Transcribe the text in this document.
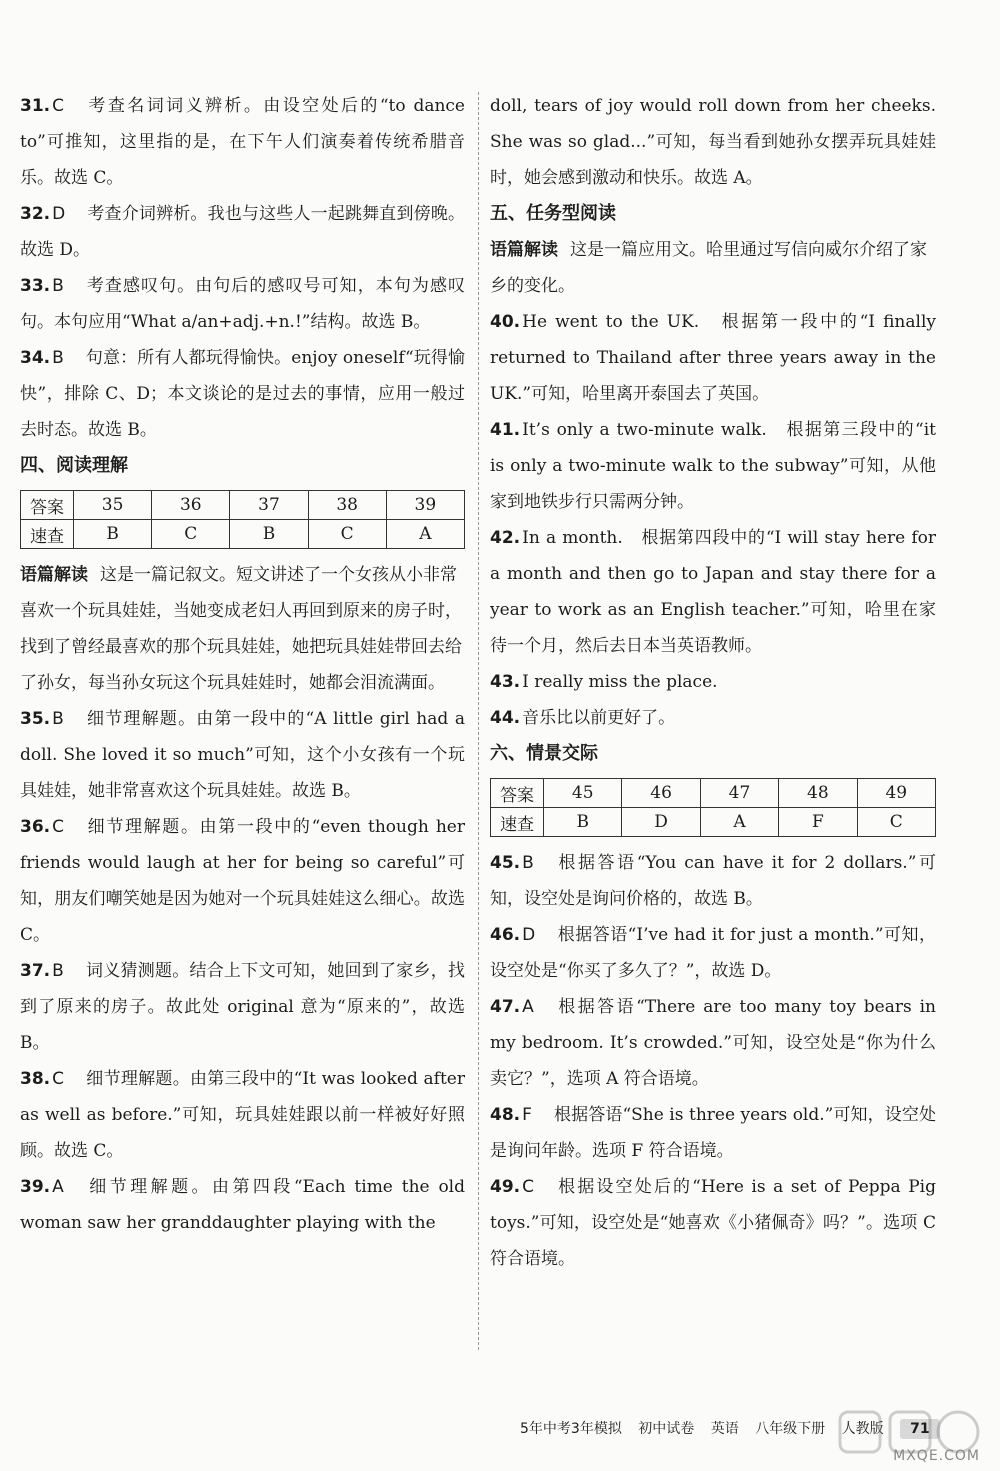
31. C 考查名词词义辨析。由设空处后的“to dance to”可推知，这里指的是，在下午人们演奏着传统希腊音乐。故选 C。

32. D 考查介词辨析。我也与这些人一起跳舞直到傍晚。故选 D。

33. B 考查感叹句。由句后的感叹号可知，本句为感叹句。本句应用“What a/an+adj.+n.!”结构。故选 B。

34. B 句意：所有人都玩得愉快。enjoy oneself“玩得愉快”，排除 C、D；本文谈论的是过去的事情，应用一般过去时态。故选 B。

四、阅读理解

答案	35	36	37	38	39
速查	B	C	B	C	A

语篇解读 这是一篇记叙文。短文讲述了一个女孩从小非常喜欢一个玩具娃娃，当她变成老妇人再回到原来的房子时，找到了曾经最喜欢的那个玩具娃娃，她把玩具娃娃带回去给了孙女，每当孙女玩这个玩具娃娃时，她都会泪流满面。

35. B 细节理解题。由第一段中的“A little girl had a doll. She loved it so much”可知，这个小女孩有一个玩具娃娃，她非常喜欢这个玩具娃娃。故选 B。

36. C 细节理解题。由第一段中的“even though her friends would laugh at her for being so careful”可知，朋友们嘲笑她是因为她对一个玩具娃娃这么细心。故选 C。

37. B 词义猜测题。结合上下文可知，她回到了家乡，找到了原来的房子。故此处 original 意为“原来的”，故选 B。

38. C 细节理解题。由第三段中的“It was looked after as well as before.”可知，玩具娃娃跟以前一样被好好照顾。故选 C。

39. A 细节理解题。由第四段“Each time the old woman saw her granddaughter playing with the

doll, tears of joy would roll down from her cheeks. She was so glad...”可知，每当看到她孙女摆弄玩具娃娃时，她会感到激动和快乐。故选 A。

五、任务型阅读

语篇解读 这是一篇应用文。哈里通过写信向威尔介绍了家乡的变化。

40. He went to the UK.　根据第一段中的“I finally returned to Thailand after three years away in the UK.”可知，哈里离开泰国去了英国。

41. It’s only a two-minute walk.　根据第三段中的“it is only a two-minute walk to the subway”可知，从他家到地铁步行只需两分钟。

42. In a month.　根据第四段中的“I will stay here for a month and then go to Japan and stay there for a year to work as an English teacher.”可知，哈里在家待一个月，然后去日本当英语教师。

43. I really miss the place.

44. 音乐比以前更好了。

六、情景交际

答案	45	46	47	48	49
速查	B	D	A	F	C

45. B 根据答语“You can have it for 2 dollars.”可知，设空处是询问价格的，故选 B。

46. D 根据答语“I’ve had it for just a month.”可知，设空处是“你买了多久了？”，故选 D。

47. A 根据答语“There are too many toy bears in my bedroom. It’s crowded.”可知，设空处是“你为什么卖它？”，选项 A 符合语境。

48. F 根据答语“She is three years old.”可知，设空处是询问年龄。选项 F 符合语境。

49. C 根据设空处后的“Here is a set of Peppa Pig toys.”可知，设空处是“她喜欢《小猪佩奇》吗？”。选项 C 符合语境。

5年中考3年模拟 初中试卷 英语 八年级下册 人教版 71
MXQE.COM
